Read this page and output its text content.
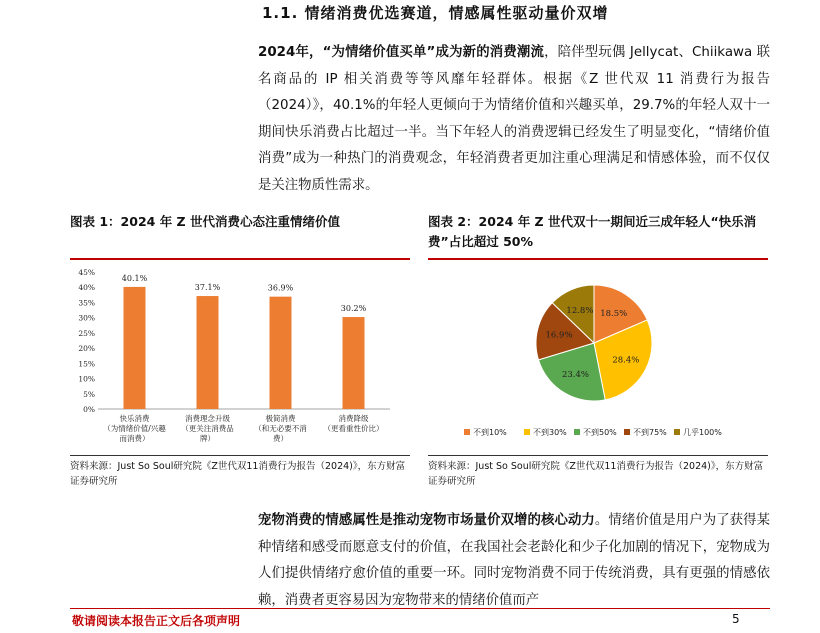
1.1. 情绪消费优选赛道，情感属性驱动量价双增
2024年，“为情绪价值买单”成为新的消费潮流，陪伴型玩偶 Jellycat、Chiikawa 联名商品的 IP 相关消费等等风靡年轻群体。根据《Z 世代双 11 消费行为报告（2024）》，40.1%的年轻人更倾向于为情绪价值和兴趣买单，29.7%的年轻人双十一期间快乐消费占比超过一半。当下年轻人的消费逻辑已经发生了明显变化，“情绪价值消费”成为一种热门的消费观念，年轻消费者更加注重心理满足和情感体验，而不仅仅是关注物质性需求。
图表 1：2024 年 Z 世代消费心态注重情绪价值	图表 2：2024 年 Z 世代双十一期间近三成年轻人“快乐消费”占比超过 50%
0%
5%
10%
15%
20%
25%
30%
35%
40%
45%
40.1%
快乐消费
（为情绪价值/兴趣
而消费）
37.1%
消费理念升级
（更关注消费品
牌）
36.9%
极简消费
（和无必要不消
费）
30.2%
消费降级
（更看重性价比）
18.5%
28.4%
23.4%
16.9%
12.8%
不到10%	不到30% 不到50% 不到75% 几乎100%
资料来源：Just So Soul研究院《Z世代双11消费行为报告（2024)》，东方财富证券研究所
资料来源：Just So Soul研究院《Z世代双11消费行为报告（2024)》，东方财富证券研究所
宠物消费的情感属性是推动宠物市场量价双增的核心动力。情绪价值是用户为了获得某种情绪和感受而愿意支付的价值，在我国社会老龄化和少子化加剧的情况下，宠物成为人们提供情绪疗愈价值的重要一环。同时宠物消费不同于传统消费，具有更强的情感依赖，消费者更容易因为宠物带来的情绪价值而产
敬请阅读本报告正文后各项声明	5
